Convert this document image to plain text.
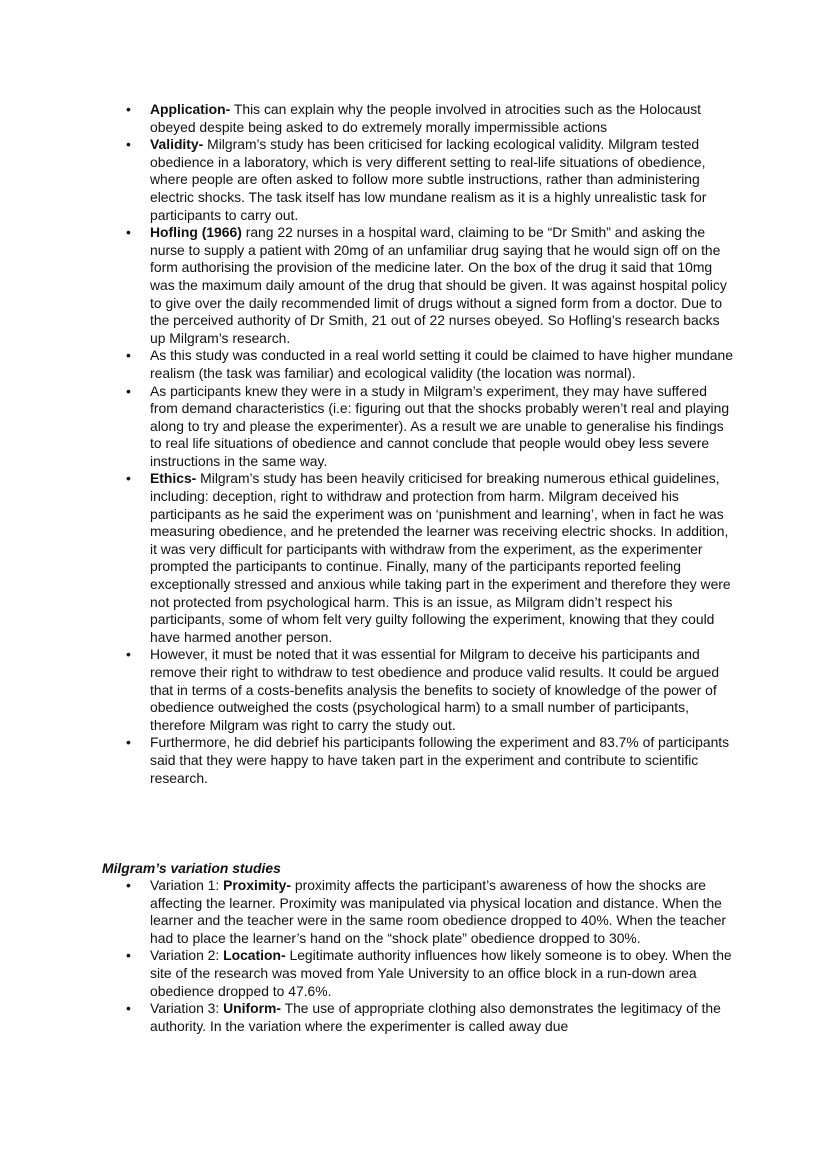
• Application- This can explain why the people involved in atrocities such as the Holocaust obeyed despite being asked to do extremely morally impermissible actions
• Validity- Milgram’s study has been criticised for lacking ecological validity. Milgram tested obedience in a laboratory, which is very different setting to real-life situations of obedience, where people are often asked to follow more subtle instructions, rather than administering electric shocks. The task itself has low mundane realism as it is a highly unrealistic task for participants to carry out.
• Hofling (1966) rang 22 nurses in a hospital ward, claiming to be “Dr Smith” and asking the nurse to supply a patient with 20mg of an unfamiliar drug saying that he would sign off on the form authorising the provision of the medicine later. On the box of the drug it said that 10mg was the maximum daily amount of the drug that should be given. It was against hospital policy to give over the daily recommended limit of drugs without a signed form from a doctor. Due to the perceived authority of Dr Smith, 21 out of 22 nurses obeyed. So Hofling’s research backs up Milgram’s research.
• As this study was conducted in a real world setting it could be claimed to have higher mundane realism (the task was familiar) and ecological validity (the location was normal).
• As participants knew they were in a study in Milgram’s experiment, they may have suffered from demand characteristics (i.e: figuring out that the shocks probably weren’t real and playing along to try and please the experimenter). As a result we are unable to generalise his findings to real life situations of obedience and cannot conclude that people would obey less severe instructions in the same way.
• Ethics- Milgram’s study has been heavily criticised for breaking numerous ethical guidelines, including: deception, right to withdraw and protection from harm. Milgram deceived his participants as he said the experiment was on ‘punishment and learning’, when in fact he was measuring obedience, and he pretended the learner was receiving electric shocks. In addition, it was very difficult for participants with withdraw from the experiment, as the experimenter prompted the participants to continue. Finally, many of the participants reported feeling exceptionally stressed and anxious while taking part in the experiment and therefore they were not protected from psychological harm. This is an issue, as Milgram didn’t respect his participants, some of whom felt very guilty following the experiment, knowing that they could have harmed another person.
• However, it must be noted that it was essential for Milgram to deceive his participants and remove their right to withdraw to test obedience and produce valid results. It could be argued that in terms of a costs-benefits analysis the benefits to society of knowledge of the power of obedience outweighed the costs (psychological harm) to a small number of participants, therefore Milgram was right to carry the study out.
• Furthermore, he did debrief his participants following the experiment and 83.7% of participants said that they were happy to have taken part in the experiment and contribute to scientific research.
Milgram’s variation studies
• Variation 1: Proximity- proximity affects the participant’s awareness of how the shocks are affecting the learner. Proximity was manipulated via physical location and distance. When the learner and the teacher were in the same room obedience dropped to 40%. When the teacher had to place the learner’s hand on the “shock plate” obedience dropped to 30%.
• Variation 2: Location- Legitimate authority influences how likely someone is to obey. When the site of the research was moved from Yale University to an office block in a run-down area obedience dropped to 47.6%.
• Variation 3: Uniform- The use of appropriate clothing also demonstrates the legitimacy of the authority. In the variation where the experimenter is called away due
